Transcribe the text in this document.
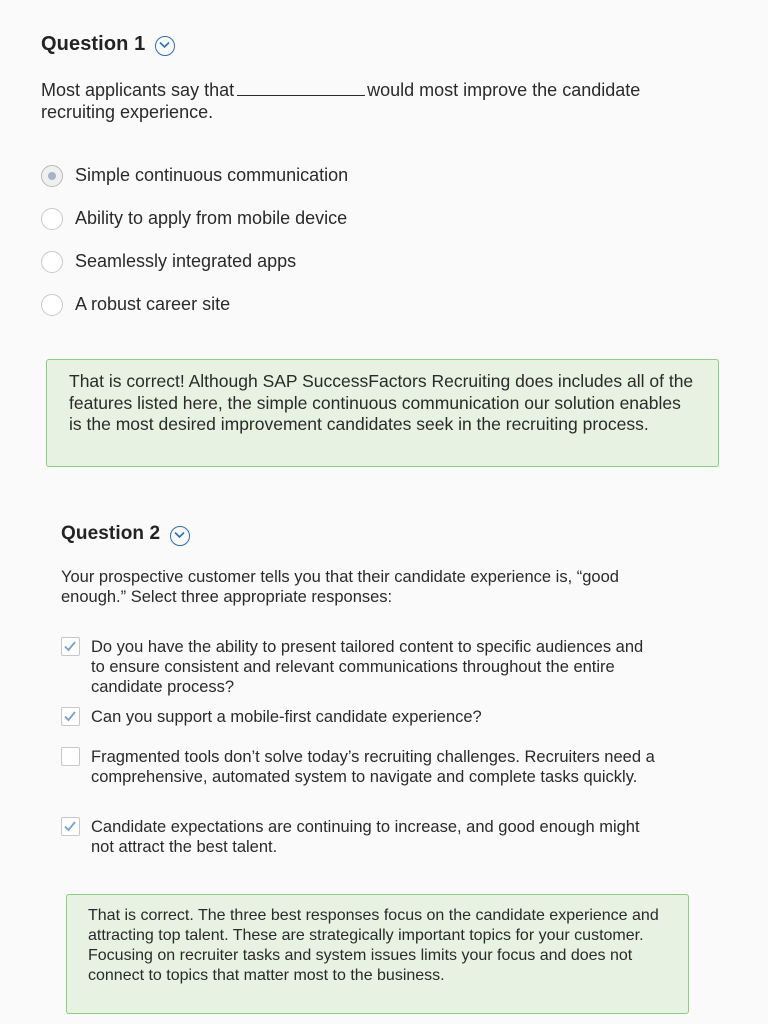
Question 1
Most applicants say that	would most improve the candidate recruiting experience.
Simple continuous communication
Ability to apply from mobile device
Seamlessly integrated apps
A robust career site
That is correct! Although SAP SuccessFactors Recruiting does includes all of the features listed here, the simple continuous communication our solution enables is the most desired improvement candidates seek in the recruiting process.
Question 2
Your prospective customer tells you that their candidate experience is, “good enough.” Select three appropriate responses:
Do you have the ability to present tailored content to specific audiences and to ensure consistent and relevant communications throughout the entire candidate process?
Can you support a mobile-first candidate experience?
Fragmented tools don’t solve today’s recruiting challenges. Recruiters need a comprehensive, automated system to navigate and complete tasks quickly.
Candidate expectations are continuing to increase, and good enough might not attract the best talent.
That is correct. The three best responses focus on the candidate experience and attracting top talent. These are strategically important topics for your customer. Focusing on recruiter tasks and system issues limits your focus and does not connect to topics that matter most to the business.
